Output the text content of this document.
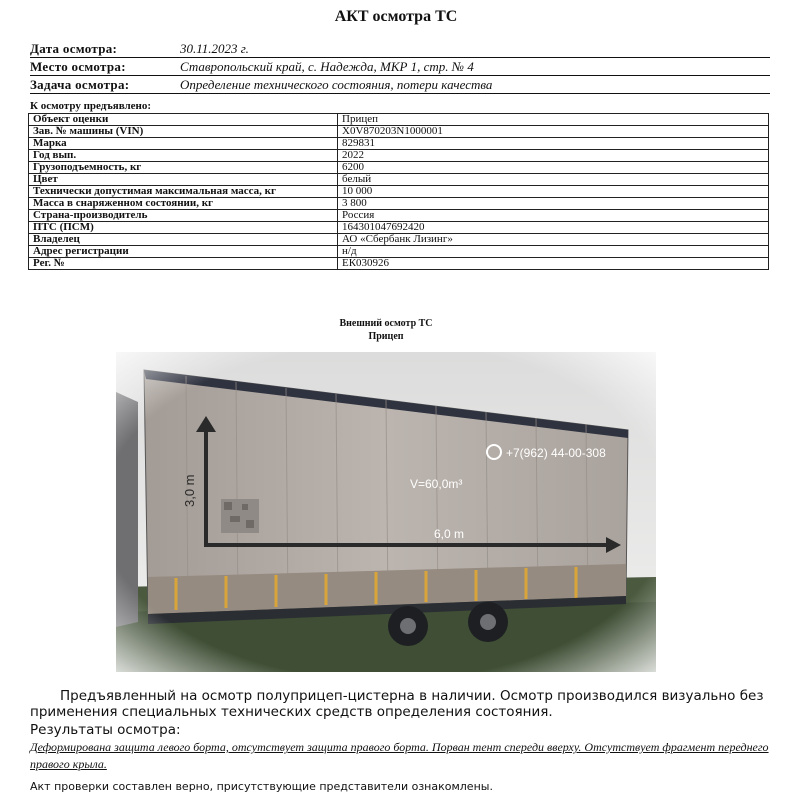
АКТ осмотра ТС
Дата осмотра:	30.11.2023 г.
Место осмотра:	Ставропольский край, с. Надежда, МКР 1, стр. № 4
Задача осмотра:	Определение технического состояния, потери качества
К осмотру предъявлено:
Объект оценки	Прицеп
Зав. № машины (VIN)	X0V870203N1000001
Марка	829831
Год вып.	2022
Грузоподъемность, кг	6200
Цвет	белый
Технически допустимая максимальная масса, кг	10 000
Масса в снаряженном состоянии, кг	3 800
Страна-производитель	Россия
ПТС (ПСМ)	164301047692420
Владелец	АО «Сбербанк Лизинг»
Адрес регистрации	н/д
Рег. №	ЕК030926
Внешний осмотр ТС
Прицеп
Предъявленный на осмотр полуприцеп-цистерна в наличии. Осмотр производился визуально без применения специальных технических средств определения состояния.
Результаты осмотра:
Деформирована защита левого борта, отсутствует защита правого борта. Порван тент спереди вверху. Отсутствует фрагмент переднего правого крыла.
Акт проверки составлен верно, присутствующие представители ознакомлены.
